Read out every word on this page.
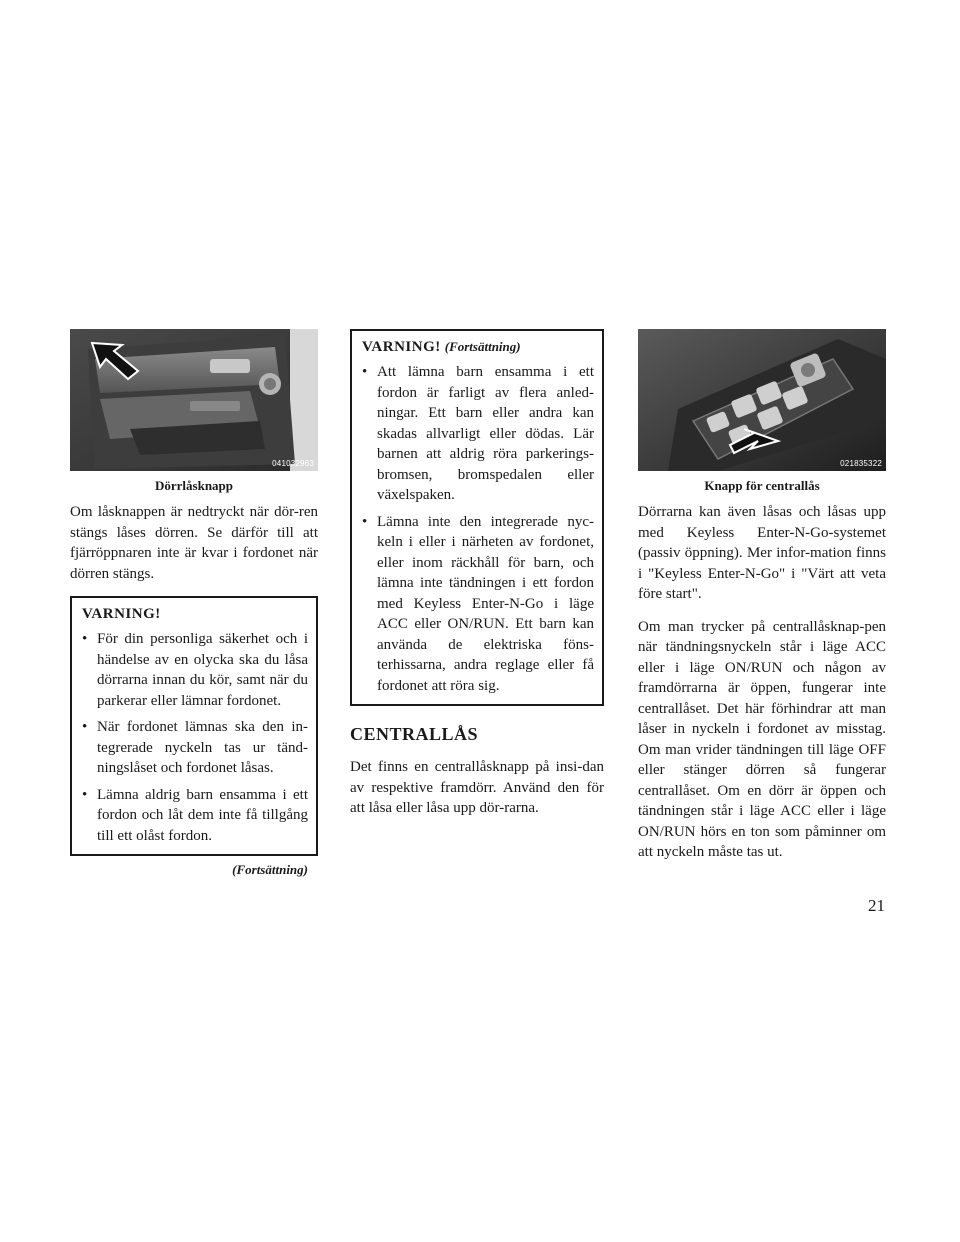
041032963
Dörrlåsknapp

Om låsknappen är nedtryckt när dör-ren stängs låses dörren. Se därför till att fjärröppnaren inte är kvar i fordonet när dörren stängs.

VARNING!
• För din personliga säkerhet och i händelse av en olycka ska du låsa dörrarna innan du kör, samt när du parkerar eller lämnar fordonet.
• När fordonet lämnas ska den in-tegrerade nyckeln tas ur tänd-ningslåset och fordonet låsas.
• Lämna aldrig barn ensamma i ett fordon och låt dem inte få tillgång till ett olåst fordon.
(Fortsättning)
VARNING! (Fortsättning)
• Att lämna barn ensamma i ett fordon är farligt av flera anled-ningar. Ett barn eller andra kan skadas allvarligt eller dödas. Lär barnen att aldrig röra parkerings-bromsen, bromspedalen eller växelspaken.
• Lämna inte den integrerade nyc-keln i eller i närheten av fordonet, eller inom räckhåll för barn, och lämna inte tändningen i ett fordon med Keyless Enter-N-Go i läge ACC eller ON/RUN. Ett barn kan använda de elektriska föns-terhissarna, andra reglage eller få fordonet att röra sig.
CENTRALLÅS

Det finns en centrallåsknapp på insi-dan av respektive framdörr. Använd den för att låsa eller låsa upp dör-rarna.

021835322
Knapp för centrallås

Dörrarna kan även låsas och låsas upp med Keyless Enter-N-Go-systemet (passiv öppning). Mer infor-mation finns i "Keyless Enter-N-Go" i "Värt att veta före start".

Om man trycker på centrallåsknap-pen när tändningsnyckeln står i läge ACC eller i läge ON/RUN och någon av framdörrarna är öppen, fungerar inte centrallåset. Det här förhindrar att man låser in nyckeln i fordonet av misstag. Om man vrider tändningen till läge OFF eller stänger dörren så fungerar centrallåset. Om en dörr är öppen och tändningen står i läge ACC eller i läge ON/RUN hörs en ton som påminner om att nyckeln måste tas ut.

21
